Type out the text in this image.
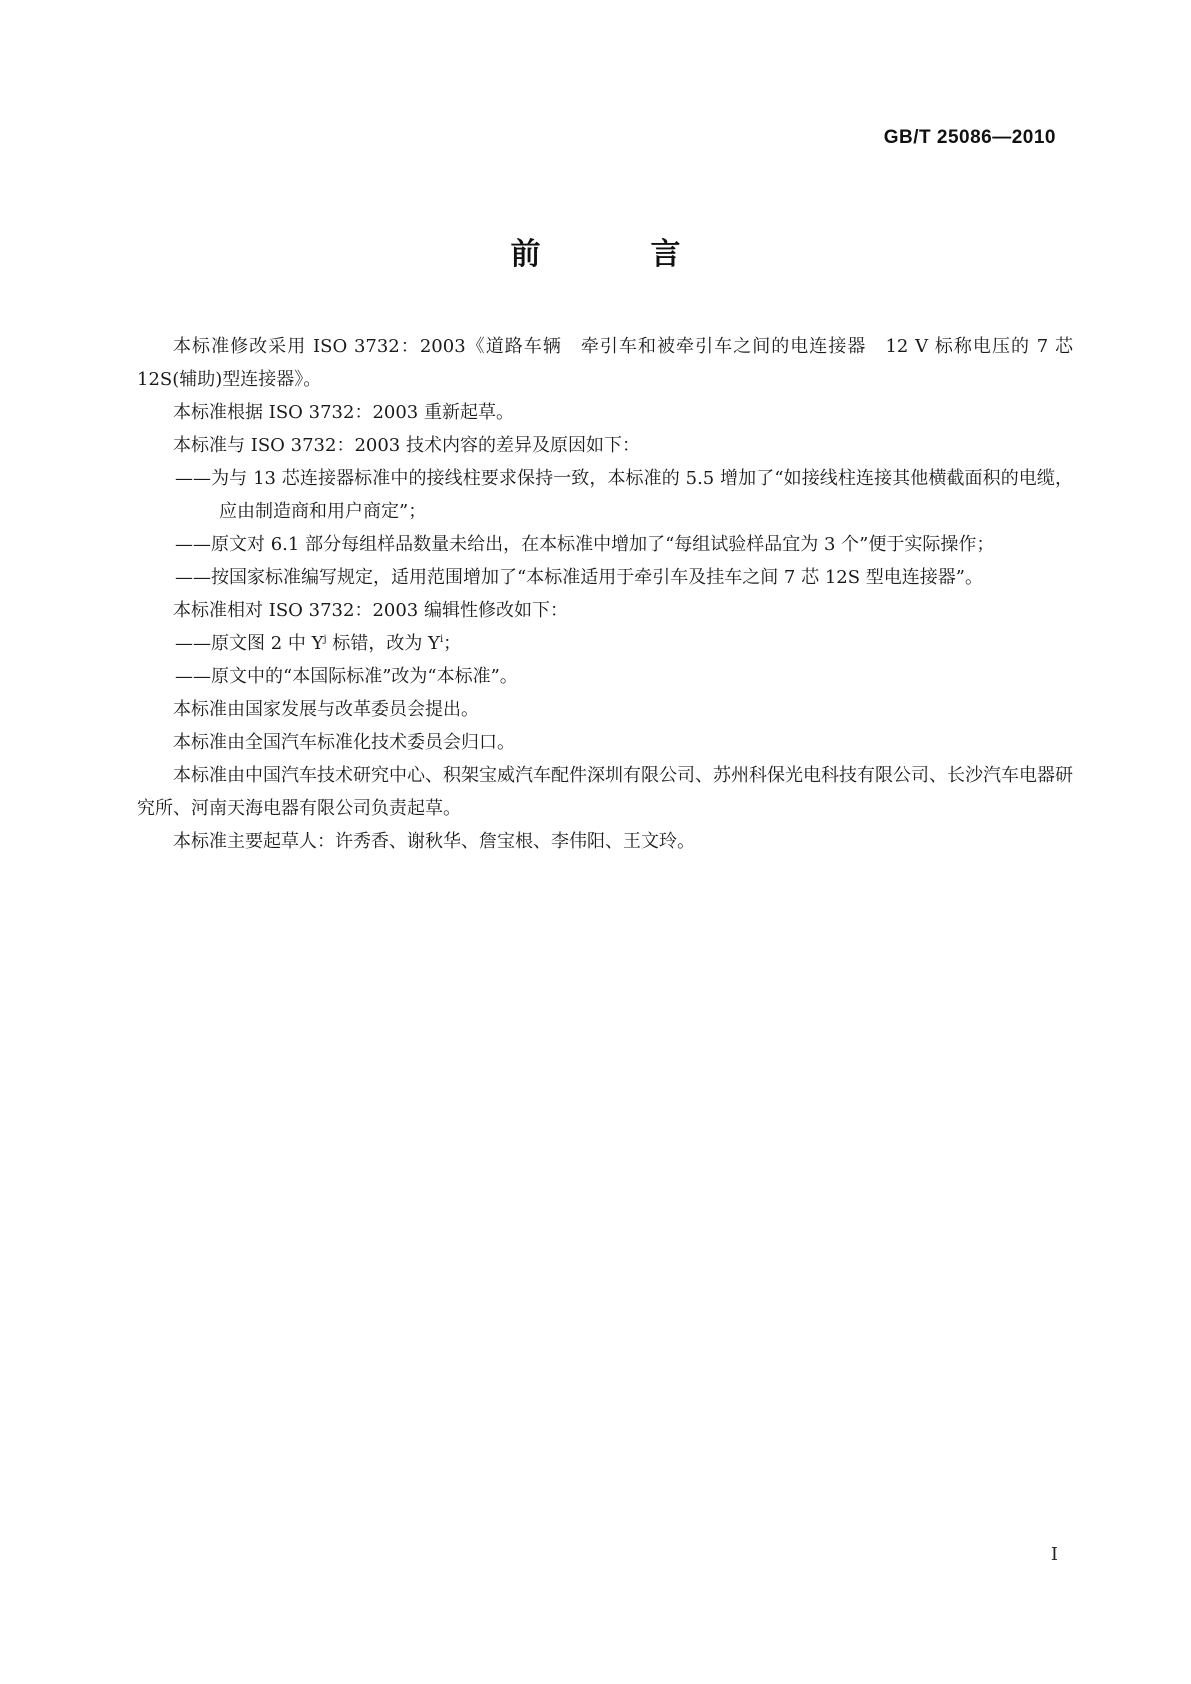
GB/T 25086—2010
前　言

本标准修改采用 ISO 3732：2003《道路车辆　牵引车和被牵引车之间的电连接器　12 V 标称电压的 7 芯 12S(辅助)型连接器》。

本标准根据 ISO 3732：2003 重新起草。

本标准与 ISO 3732：2003 技术内容的差异及原因如下：

——为与 13 芯连接器标准中的接线柱要求保持一致，本标准的 5.5 增加了“如接线柱连接其他横截面积的电缆，应由制造商和用户商定”；

——原文对 6.1 部分每组样品数量未给出，在本标准中增加了“每组试验样品宜为 3 个”便于实际操作；

——按国家标准编写规定，适用范围增加了“本标准适用于牵引车及挂车之间 7 芯 12S 型电连接器”。

本标准相对 ISO 3732：2003 编辑性修改如下：

——原文图 2 中 $Y^j$ 标错，改为 $Y^i$；

——原文中的“本国际标准”改为“本标准”。

本标准由国家发展与改革委员会提出。

本标准由全国汽车标准化技术委员会归口。

本标准由中国汽车技术研究中心、积架宝威汽车配件深圳有限公司、苏州科保光电科技有限公司、长沙汽车电器研究所、河南天海电器有限公司负责起草。

本标准主要起草人：许秀香、谢秋华、詹宝根、李伟阳、王文玲。

I
